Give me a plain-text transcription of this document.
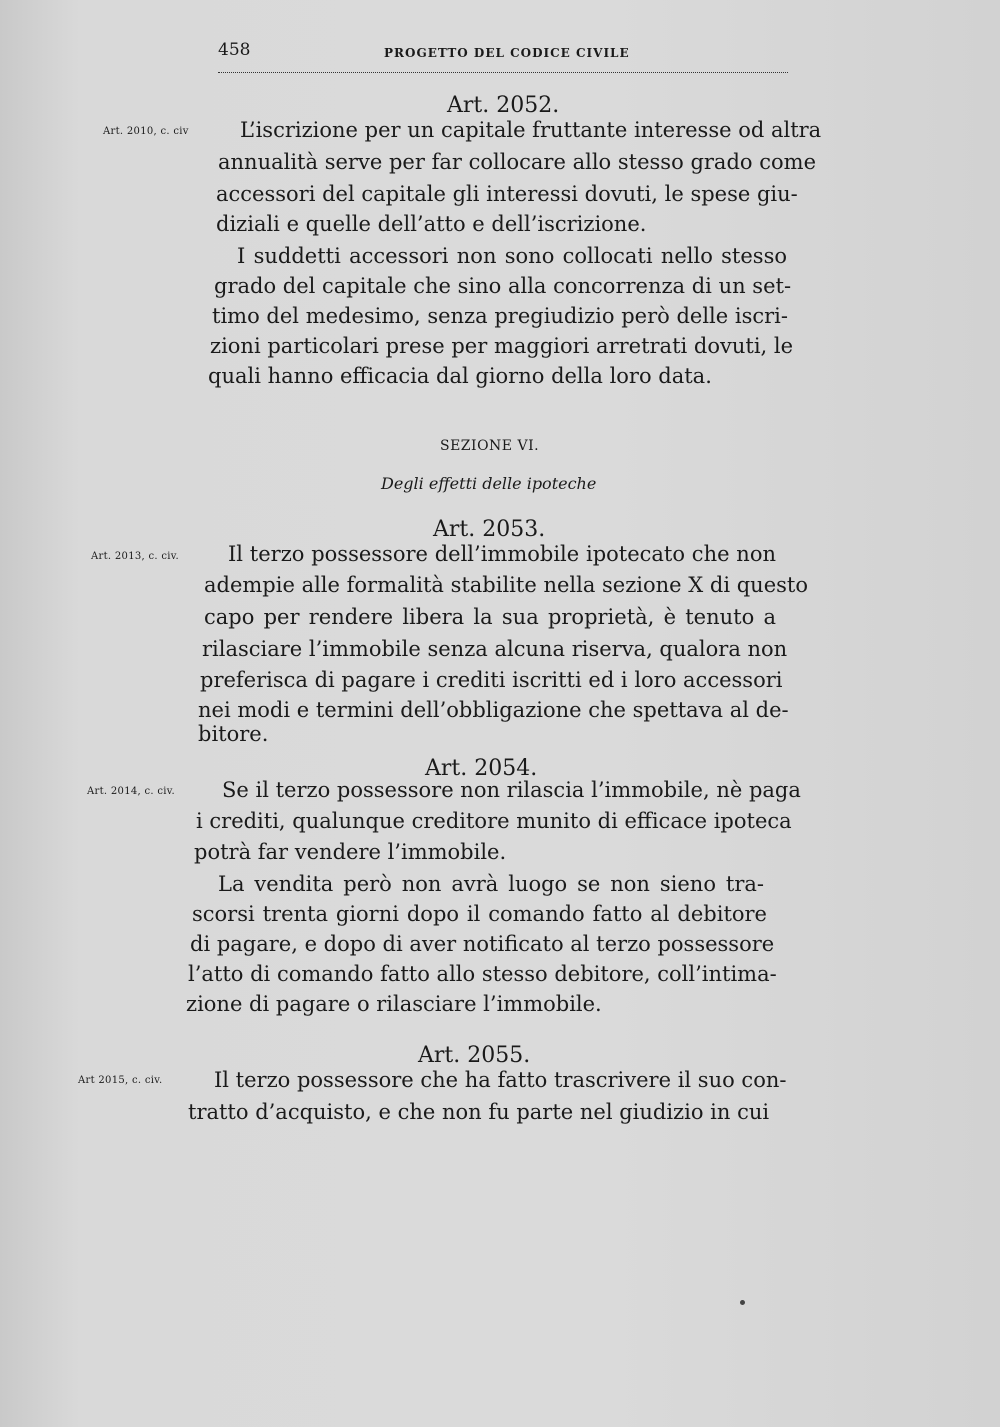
458	PROGETTO DEL CODICE CIVILE
Art. 2052.
Art. 2010, c. civ L’iscrizione per un capitale fruttante interesse od altra
annualità serve per far collocare allo stesso grado come
accessori del capitale gli interessi dovuti, le spese giu-
diziali e quelle dell’atto e dell’iscrizione.
I suddetti accessori non sono collocati nello stesso
grado del capitale che sino alla concorrenza di un set-
timo del medesimo, senza pregiudizio però delle iscri-
zioni particolari prese per maggiori arretrati dovuti, le
quali hanno efficacia dal giorno della loro data.
SEZIONE VI.
Degli effetti delle ipoteche
Art. 2053.
Art. 2013, c. civ. Il terzo possessore dell’immobile ipotecato che non
adempie alle formalità stabilite nella sezione X di questo
capo per rendere libera la sua proprietà, è tenuto a
rilasciare l’immobile senza alcuna riserva, qualora non
preferisca di pagare i crediti iscritti ed i loro accessori
nei modi e termini dell’obbligazione che spettava al de-
bitore.
Art. 2054.
Art. 2014, c. civ. Se il terzo possessore non rilascia l’immobile, nè paga
i crediti, qualunque creditore munito di efficace ipoteca
potrà far vendere l’immobile.
La vendita però non avrà luogo se non sieno tra-
scorsi trenta giorni dopo il comando fatto al debitore
di pagare, e dopo di aver notificato al terzo possessore
l’atto di comando fatto allo stesso debitore, coll’intima-
zione di pagare o rilasciare l’immobile.
Art. 2055.
Art 2015, c. civ. Il terzo possessore che ha fatto trascrivere il suo con-
tratto d’acquisto, e che non fu parte nel giudizio in cui
